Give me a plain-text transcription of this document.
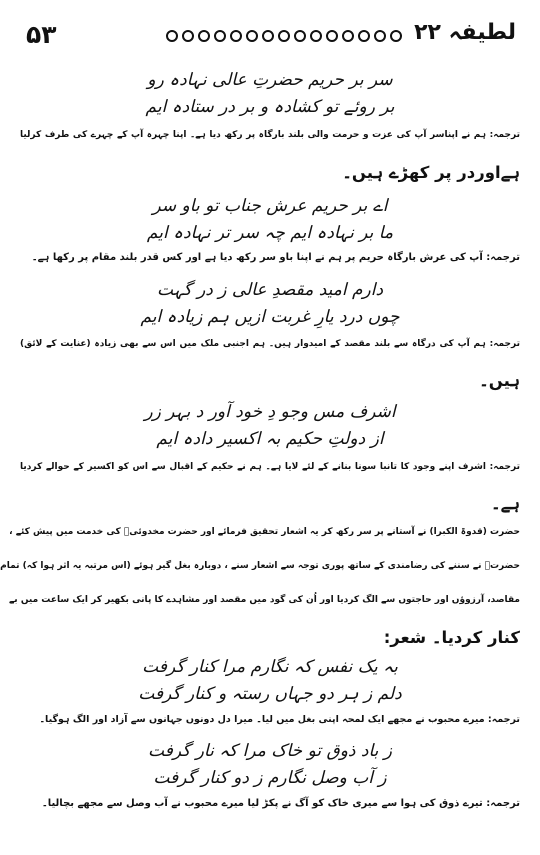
۵۳	لطیفہ ۲۲
سر بر حریم حضرتِ عالی نہادہ رو
بر روئے تو کشادہ و بر در ستادہ ایم
ترجمہ: ہم نے اپناسر آپ کی عزت و حرمت والی بلند بارگاہ پر رکھ دیا ہے۔ اپنا چہرہ آپ کے چہرے کی طرف کرلیا
ہےاوردر پر کھڑے ہیں۔
اے بر حریم عرش جناب تو باو سر
ما بر نہادہ ایم چہ سر تر نہادہ ایم
ترجمہ: آپ کی عرش بارگاہ حریم پر ہم نے اپنا باو سر رکھ دیا ہے اور کس قدر بلند مقام پر رکھا ہے۔
دارم امید مقصدِ عالی ز در گہت
چوں درد یارِ غربت ازیں ہم زیادہ ایم
ترجمہ: ہم آپ کی درگاہ سے بلند مقصد کے امیدوار ہیں۔ ہم اجنبی ملک میں اس سے بھی زیادہ (عنایت کے لائق)
ہیں۔
اشرف مس وجو دِ خود آور د بہر زر
از دولتِ حکیم بہ اکسیر دادہ ایم
ترجمہ: اشرف اپنے وجود کا تانبا سونا بنانے کے لئے لایا ہے۔ ہم نے حکیم کے اقبال سے اس کو اکسیر کے حوالے کردیا
ہے۔
حضرت (قدوۃ الکبرا) نے آستانے پر سر رکھ کر یہ اشعار تحقیق فرمائے اور حضرت مخدوئیؒ کی خدمت میں پیش کئے ،
حضرتؒ نے سننے کی رضامندی کے ساتھ پوری توجہ سے اشعار سنے ، دوبارہ بغل گیر ہوئے (اس مرتبہ یہ اثر ہوا کہ) تمام
مقاصد، آرزوؤں اور حاجتوں سے الگ کردیا اور اُن کی گود میں مقصد اور مشاہدے کا پانی بکھیر کر ایک ساعت میں بے
کنار کردیا۔ شعر:
بہ یک نفس کہ نگارم مرا کنار گرفت
دلم ز ہر دو جہاں رستہ و کنار گرفت
ترجمہ: میرے محبوب نے مجھے ایک لمحہ اپنی بغل میں لیا۔ میرا دل دونوں جہانوں سے آزاد اور الگ ہوگیا۔
ز باد ذوق تو خاک مرا کہ نار گرفت
ز آب وصل نگارم ز دو کنار گرفت
ترجمہ: تیرے ذوق کی ہوا سے میری خاک کو آگ نے پکڑ لیا میرے محبوب نے آب وصل سے مجھے بچالیا۔
